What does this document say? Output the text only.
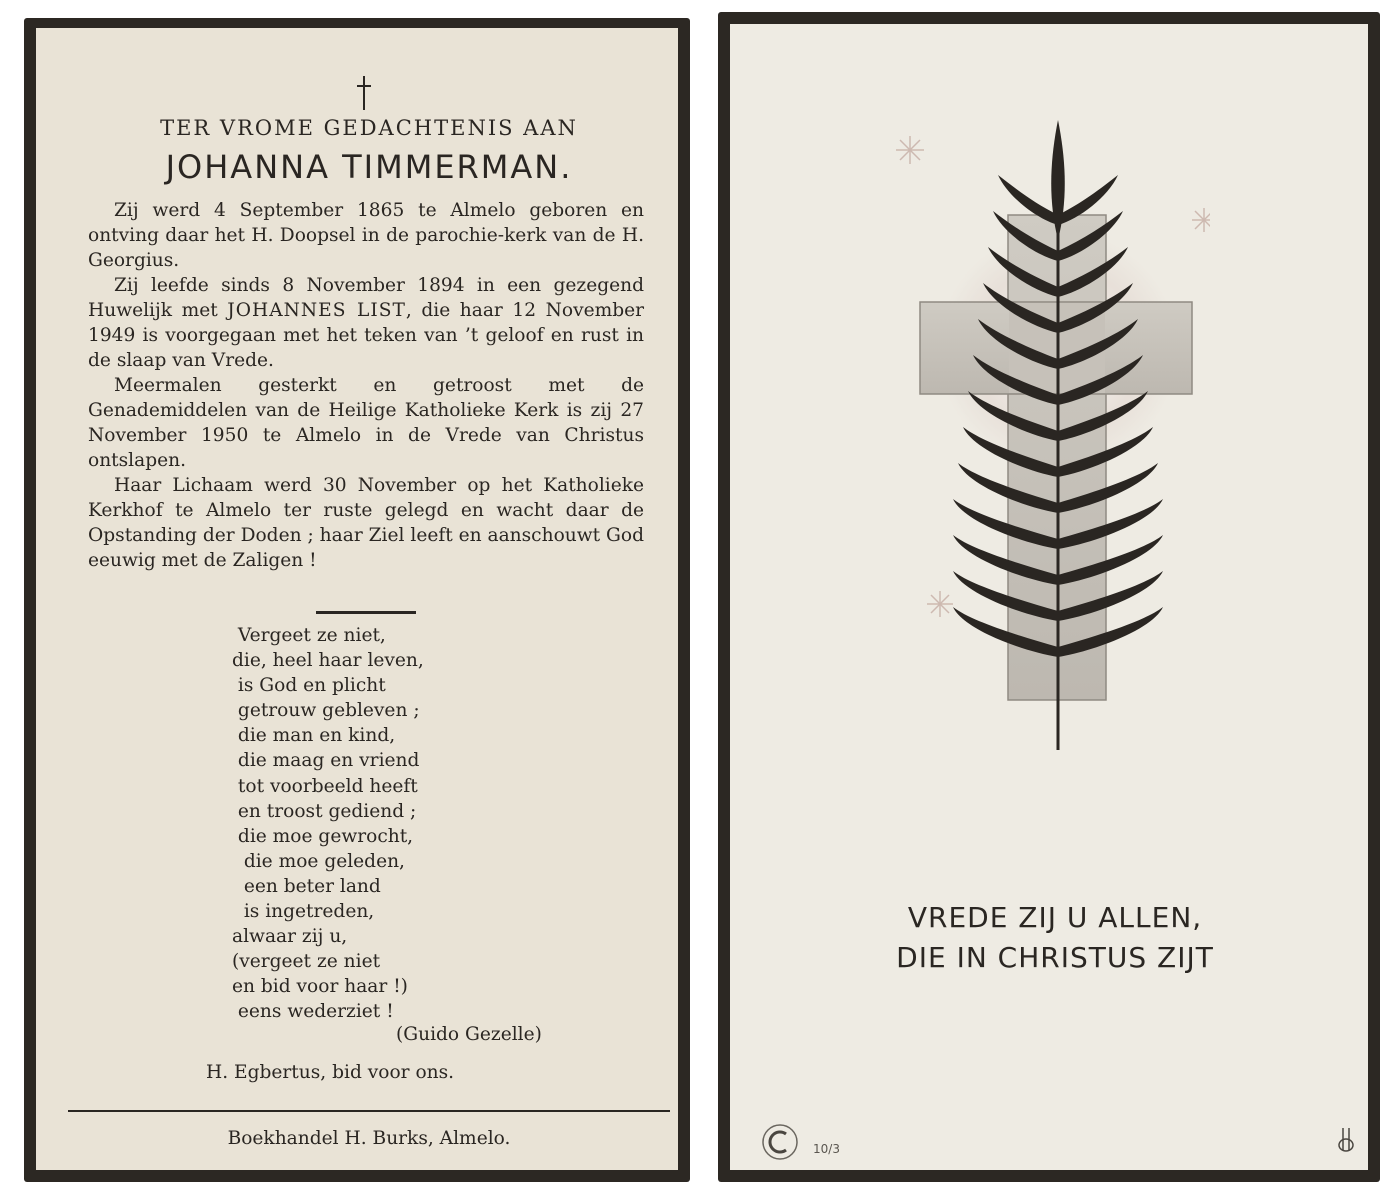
TER VROME GEDACHTENIS AAN
JOHANNA TIMMERMAN.

Zij werd 4 September 1865 te Almelo geboren en ontving daar het H. Doopsel in de parochie-kerk van de H. Georgius.

Zij leefde sinds 8 November 1894 in een gezegend Huwelijk met JOHANNES LIST, die haar 12 November 1949 is voorgegaan met het teken van ’t geloof en rust in de slaap van Vrede.

Meermalen gesterkt en getroost met de Genademiddelen van de Heilige Katholieke Kerk is zij 27 November 1950 te Almelo in de Vrede van Christus ontslapen.

Haar Lichaam werd 30 November op het Katholieke Kerkhof te Almelo ter ruste gelegd en wacht daar de Opstanding der Doden ; haar Ziel leeft en aanschouwt God eeuwig met de Zaligen !

Vergeet ze niet,
die, heel haar leven,
is God en plicht
getrouw gebleven ;
die man en kind,
die maag en vriend
tot voorbeeld heeft
en troost gediend ;
die moe gewrocht,
die moe geleden,
een beter land
is ingetreden,
alwaar zij u,
(vergeet ze niet
en bid voor haar !)
eens wederziet !
(Guido Gezelle)
H. Egbertus, bid voor ons.
Boekhandel H. Burks, Almelo.
VREDE ZIJ U ALLEN,
DIE IN CHRISTUS ZIJT
10/3
